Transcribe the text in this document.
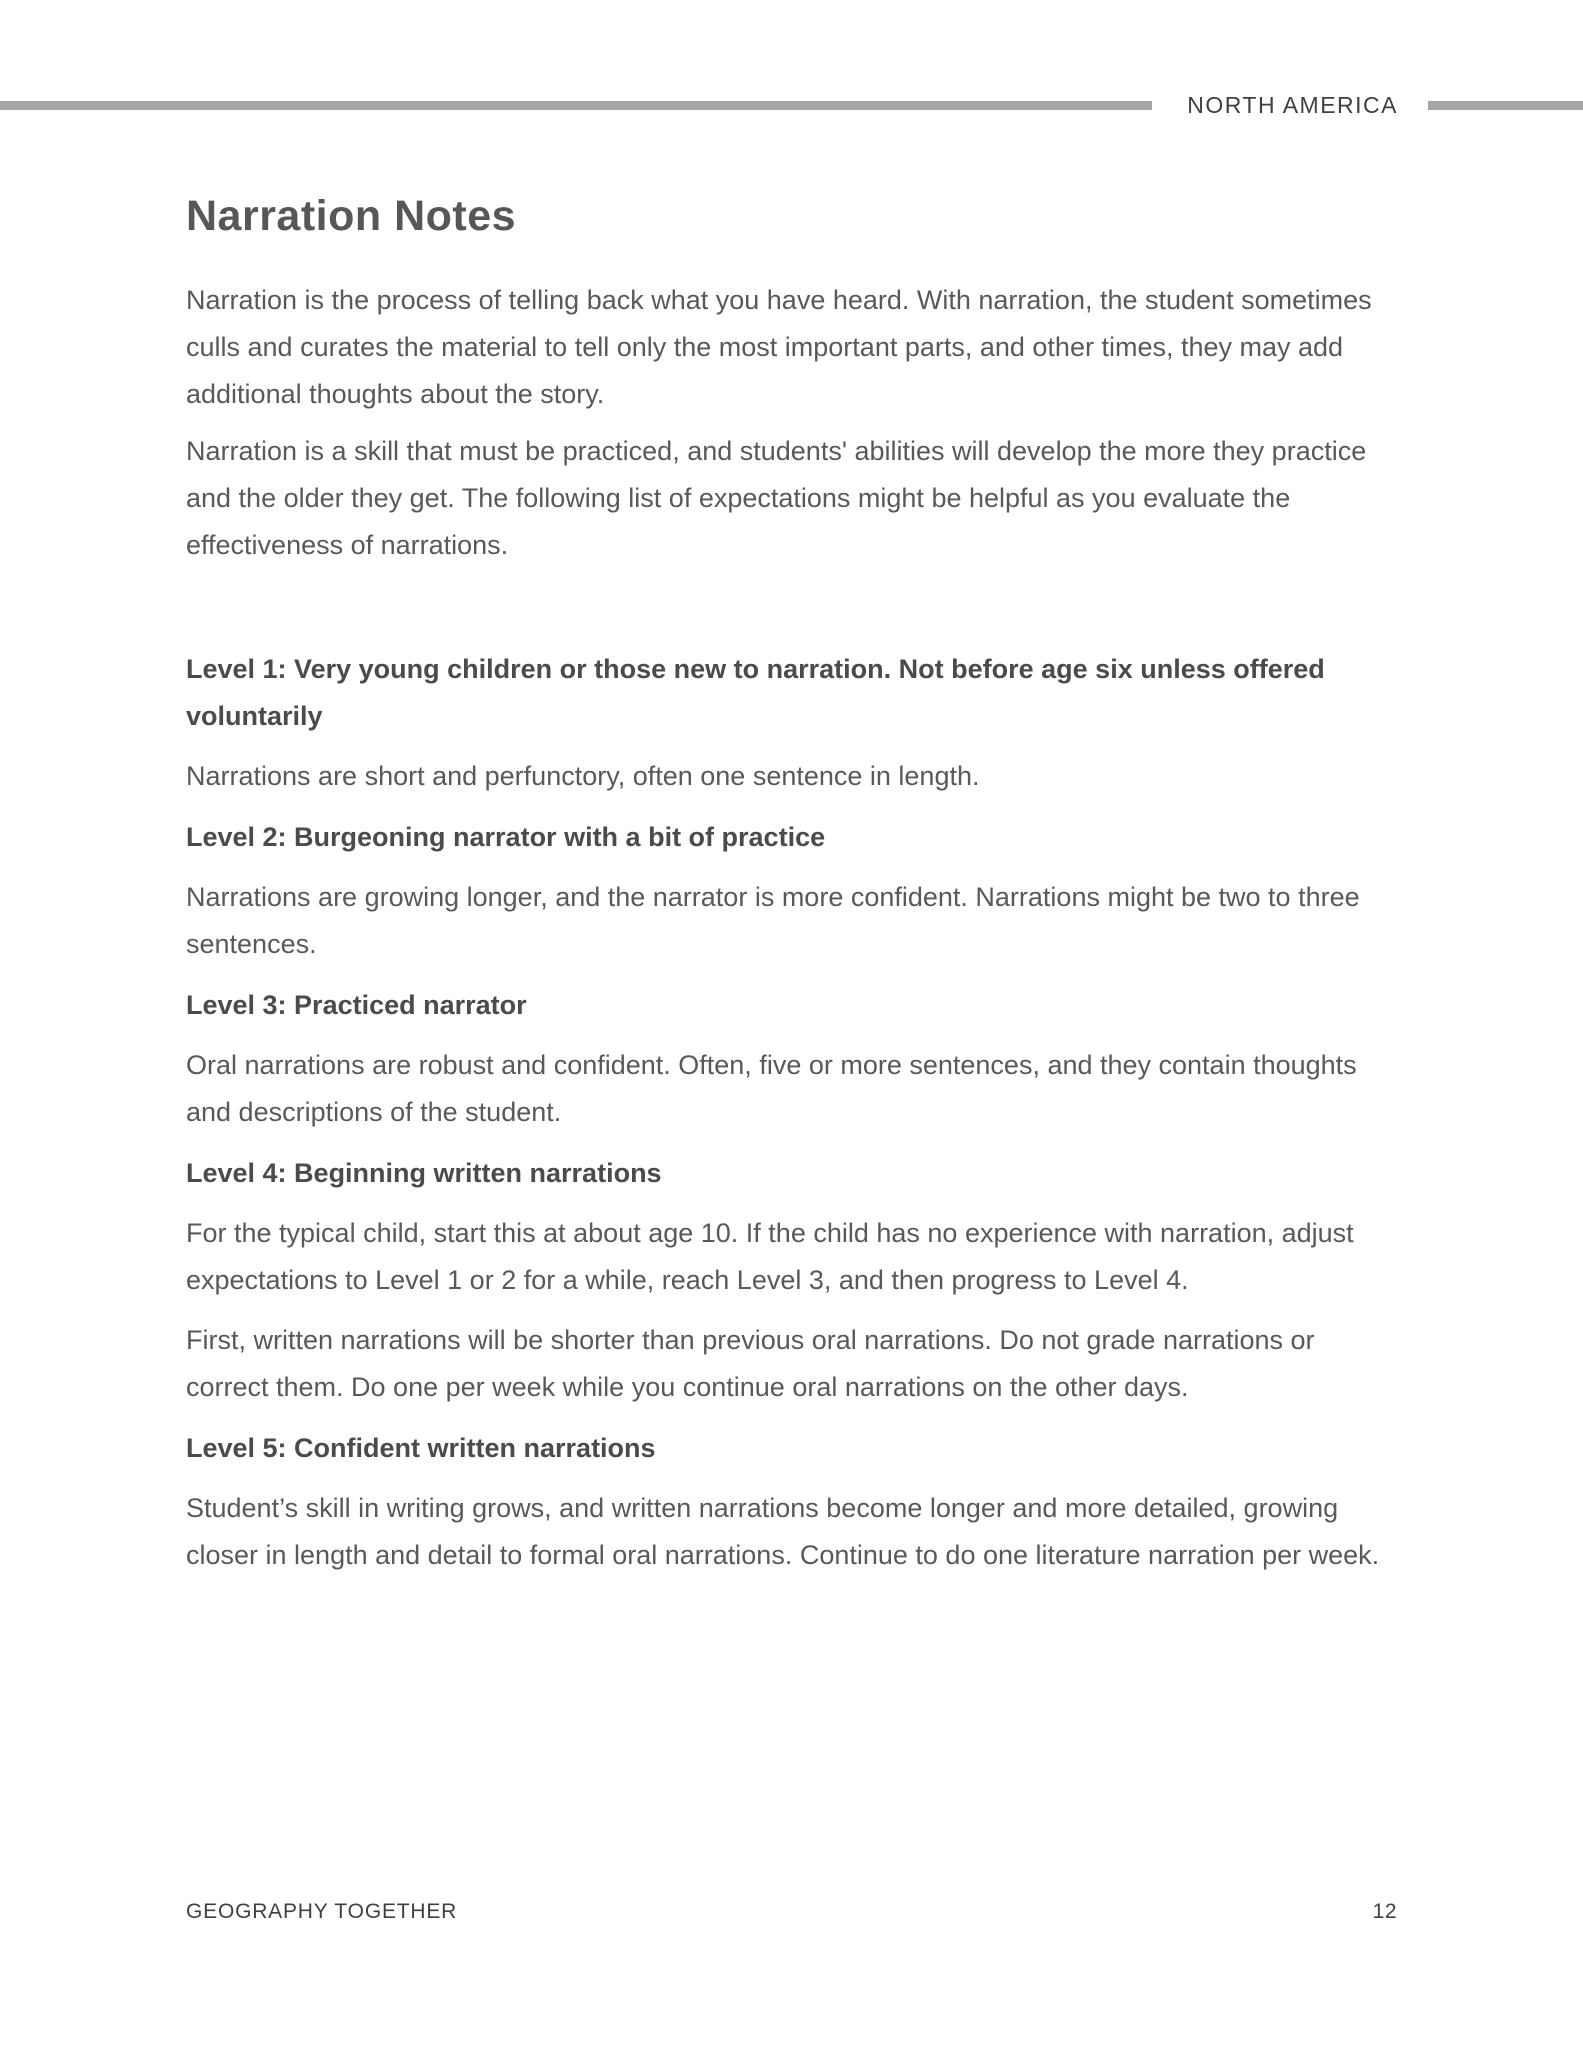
NORTH AMERICA
Narration Notes

Narration is the process of telling back what you have heard. With narration, the student sometimes culls and curates the material to tell only the most important parts, and other times, they may add additional thoughts about the story.

Narration is a skill that must be practiced, and students' abilities will develop the more they practice and the older they get. The following list of expectations might be helpful as you evaluate the effectiveness of narrations.

Level 1: Very young children or those new to narration. Not before age six unless offered voluntarily

Narrations are short and perfunctory, often one sentence in length.

Level 2: Burgeoning narrator with a bit of practice

Narrations are growing longer, and the narrator is more confident. Narrations might be two to three sentences.

Level 3: Practiced narrator

Oral narrations are robust and confident. Often, five or more sentences, and they contain thoughts and descriptions of the student.

Level 4: Beginning written narrations

For the typical child, start this at about age 10. If the child has no experience with narration, adjust expectations to Level 1 or 2 for a while, reach Level 3, and then progress to Level 4.

First, written narrations will be shorter than previous oral narrations. Do not grade narrations or correct them. Do one per week while you continue oral narrations on the other days.

Level 5: Confident written narrations

Student’s skill in writing grows, and written narrations become longer and more detailed, growing closer in length and detail to formal oral narrations. Continue to do one literature narration per week.

GEOGRAPHY TOGETHER	12
